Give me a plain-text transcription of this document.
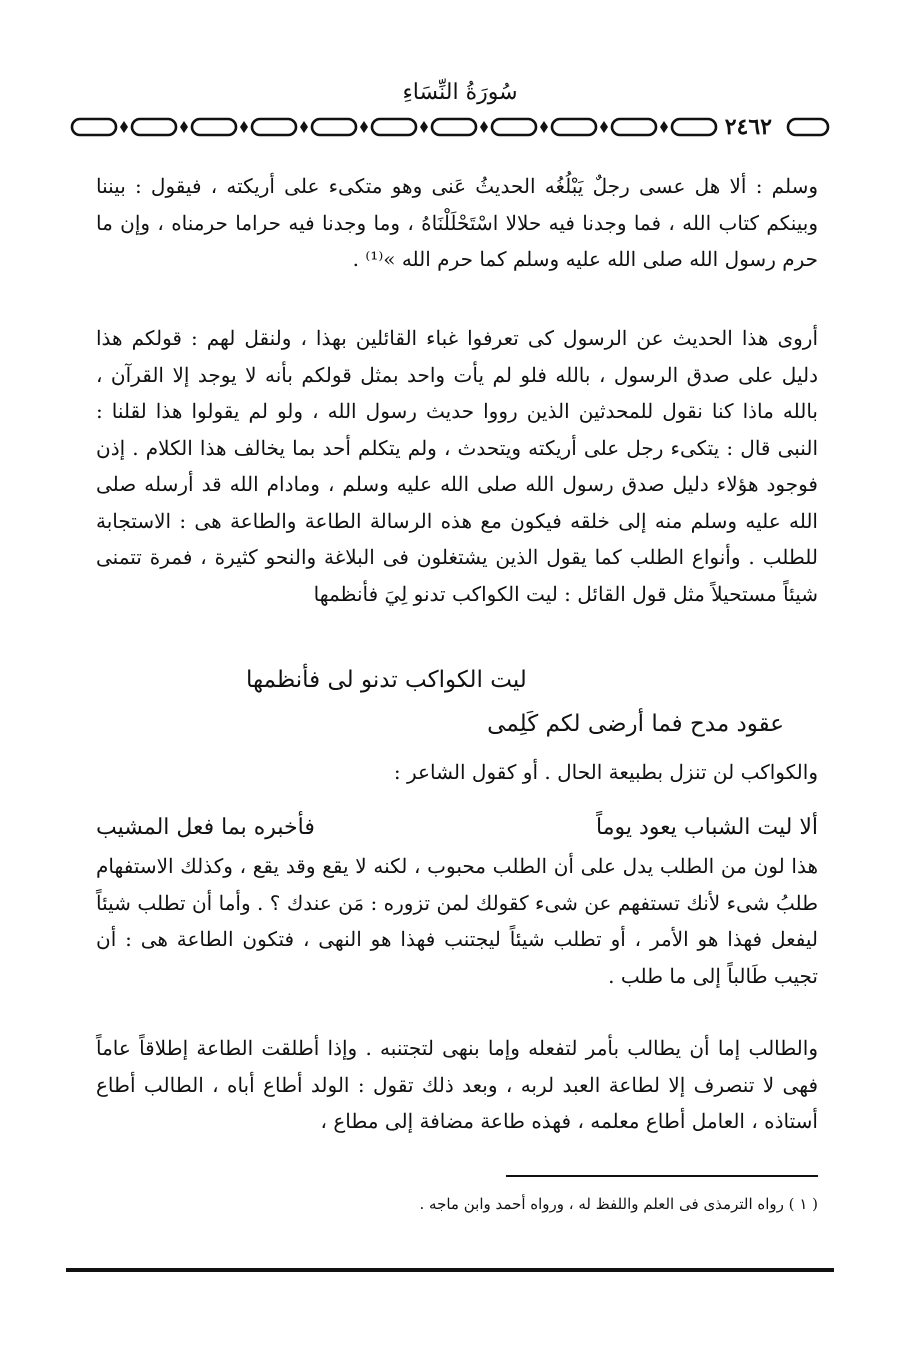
سُورَةُ النِّسَاءِ
٢٤٦٢

وسلم : ألا هل عسى رجلٌ يَبْلُغُه الحديثُ عَنى وهو متكىء على أريكته ، فيقول : بيننا وبينكم كتاب الله ، فما وجدنا فيه حلالا اسْتَحْلَلْنَاهُ ، وما وجدنا فيه حراما حرمناه ، وإن ما حرم رسول الله صلى الله عليه وسلم كما حرم الله »⁽¹⁾ .

أروى هذا الحديث عن الرسول كى تعرفوا غباء القائلين بهذا ، ولنقل لهم : قولكم هذا دليل على صدق الرسول ، بالله فلو لم يأت واحد بمثل قولكم بأنه لا يوجد إلا القرآن ، بالله ماذا كنا نقول للمحدثين الذين رووا حديث رسول الله ، ولو لم يقولوا هذا لقلنا : النبى قال : يتكىء رجل على أريكته ويتحدث ، ولم يتكلم أحد بما يخالف هذا الكلام . إذن فوجود هؤلاء دليل صدق رسول الله صلى الله عليه وسلم ، ومادام الله قد أرسله صلى الله عليه وسلم منه إلى خلقه فيكون مع هذه الرسالة الطاعة والطاعة هى : الاستجابة للطلب . وأنواع الطلب كما يقول الذين يشتغلون فى البلاغة والنحو كثيرة ، فمرة تتمنى شيئاً مستحيلاً مثل قول القائل : ليت الكواكب تدنو لِيَ فأنظمها

ليت الكواكب تدنو لى فأنظمها

عقود مدح فما أرضى لكم كَلِمى

والكواكب لن تنزل بطبيعة الحال . أو كقول الشاعر :

ألا ليت الشباب يعود يوماً
فأخبره بما فعل المشيب

هذا لون من الطلب يدل على أن الطلب محبوب ، لكنه لا يقع وقد يقع ، وكذلك الاستفهام طلبُ شىء لأنك تستفهم عن شىء كقولك لمن تزوره : مَن عندك ؟ . وأما أن تطلب شيئاً ليفعل فهذا هو الأمر ، أو تطلب شيئاً ليجتنب فهذا هو النهى ، فتكون الطاعة هى : أن تجيب طَالباً إلى ما طلب .

والطالب إما أن يطالب بأمر لتفعله وإما بنهى لتجتنبه . وإذا أطلقت الطاعة إطلاقاً عاماً فهى لا تنصرف إلا لطاعة العبد لربه ، وبعد ذلك تقول : الولد أطاع أباه ، الطالب أطاع أستاذه ، العامل أطاع معلمه ، فهذه طاعة مضافة إلى مطاع ،

( ١ ) رواه الترمذى فى العلم واللفظ له ، ورواه أحمد وابن ماجه .
